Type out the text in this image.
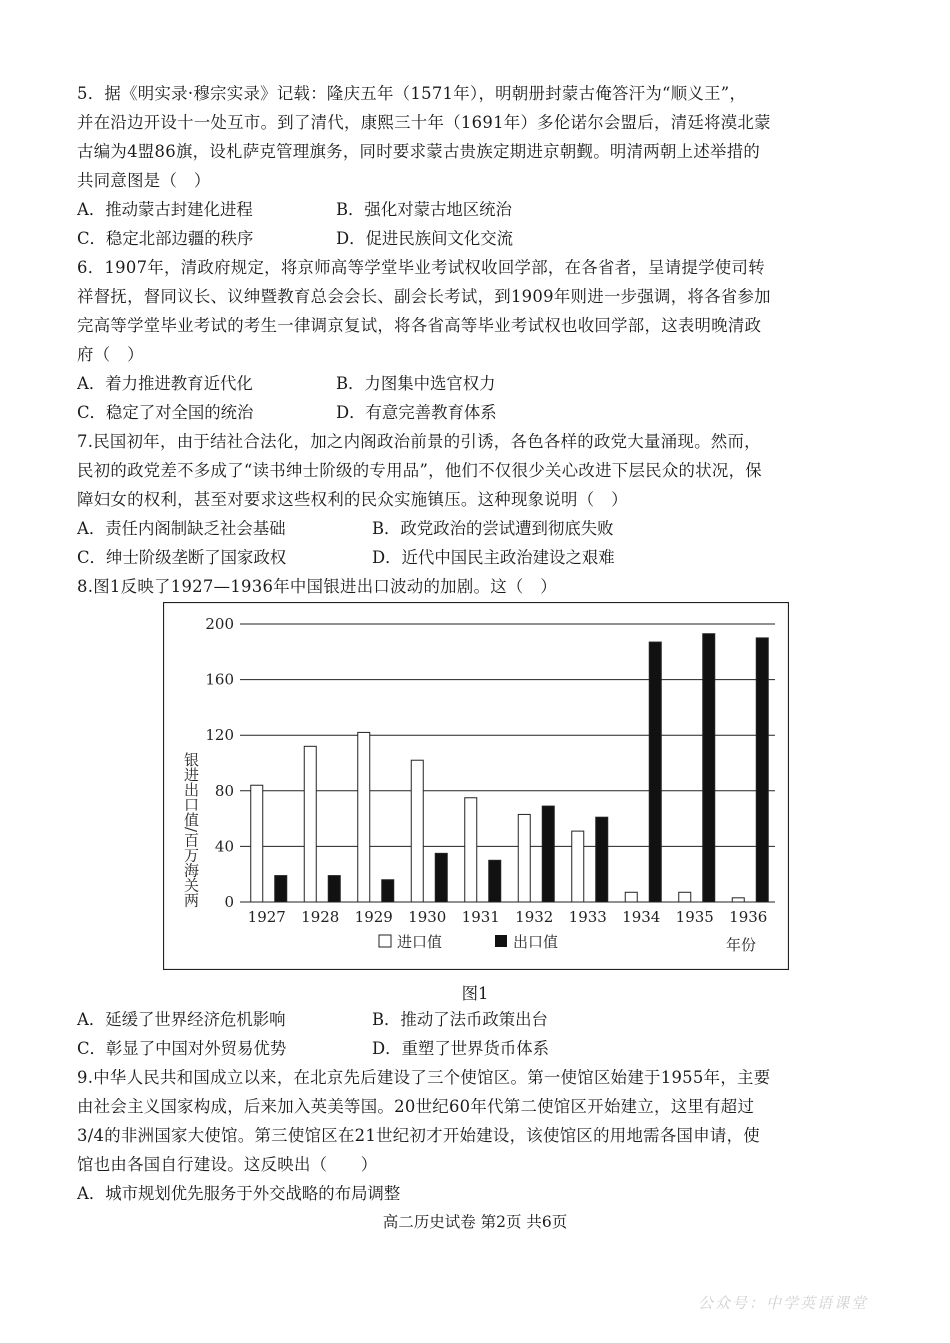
5．据《明实录·穆宗实录》记载：隆庆五年（1571年），明朝册封蒙古俺答汗为“顺义王”，
并在沿边开设十一处互市。到了清代，康熙三十年（1691年）多伦诺尔会盟后，清廷将漠北蒙
古编为4盟86旗，设札萨克管理旗务，同时要求蒙古贵族定期进京朝觐。明清两朝上述举措的
共同意图是（　）
A．推动蒙古封建化进程	B．强化对蒙古地区统治
C．稳定北部边疆的秩序	D．促进民族间文化交流
6．1907年，清政府规定，将京师高等学堂毕业考试权收回学部，在各省者，呈请提学使司转
祥督抚，督同议长、议绅暨教育总会会长、副会长考试，到1909年则进一步强调，将各省参加
完高等学堂毕业考试的考生一律调京复试，将各省高等毕业考试权也收回学部，这表明晚清政
府（　）
A．着力推进教育近代化	B．力图集中选官权力
C．稳定了对全国的统治	D．有意完善教育体系
7.民国初年，由于结社合法化，加之内阁政治前景的引诱，各色各样的政党大量涌现。然而，
民初的政党差不多成了“读书绅士阶级的专用品”，他们不仅很少关心改进下层民众的状况，保
障妇女的权利，甚至对要求这些权利的民众实施镇压。这种现象说明（　）
A．责任内阁制缺乏社会基础	B．政党政治的尝试遭到彻底失败
C．绅士阶级垄断了国家政权	D．近代中国民主政治建设之艰难
8.图1反映了1927—1936年中国银进出口波动的加剧。这（　）
0
40
80
120
160
200
1927 1928 1929 1930 1931 1932 1933 1934 1935 1936
银进出口值/百万海关两
进口值	出口值	年份
图1
A．延缓了世界经济危机影响	B．推动了法币政策出台
C．彰显了中国对外贸易优势	D．重塑了世界货币体系
9.中华人民共和国成立以来，在北京先后建设了三个使馆区。第一使馆区始建于1955年，主要
由社会主义国家构成，后来加入英美等国。20世纪60年代第二使馆区开始建立，这里有超过
3/4的非洲国家大使馆。第三使馆区在21世纪初才开始建设，该使馆区的用地需各国申请，使
馆也由各国自行建设。这反映出（　　）
A．城市规划优先服务于外交战略的布局调整
高二历史试卷 第2页 共6页
公众号：中学英语课堂
